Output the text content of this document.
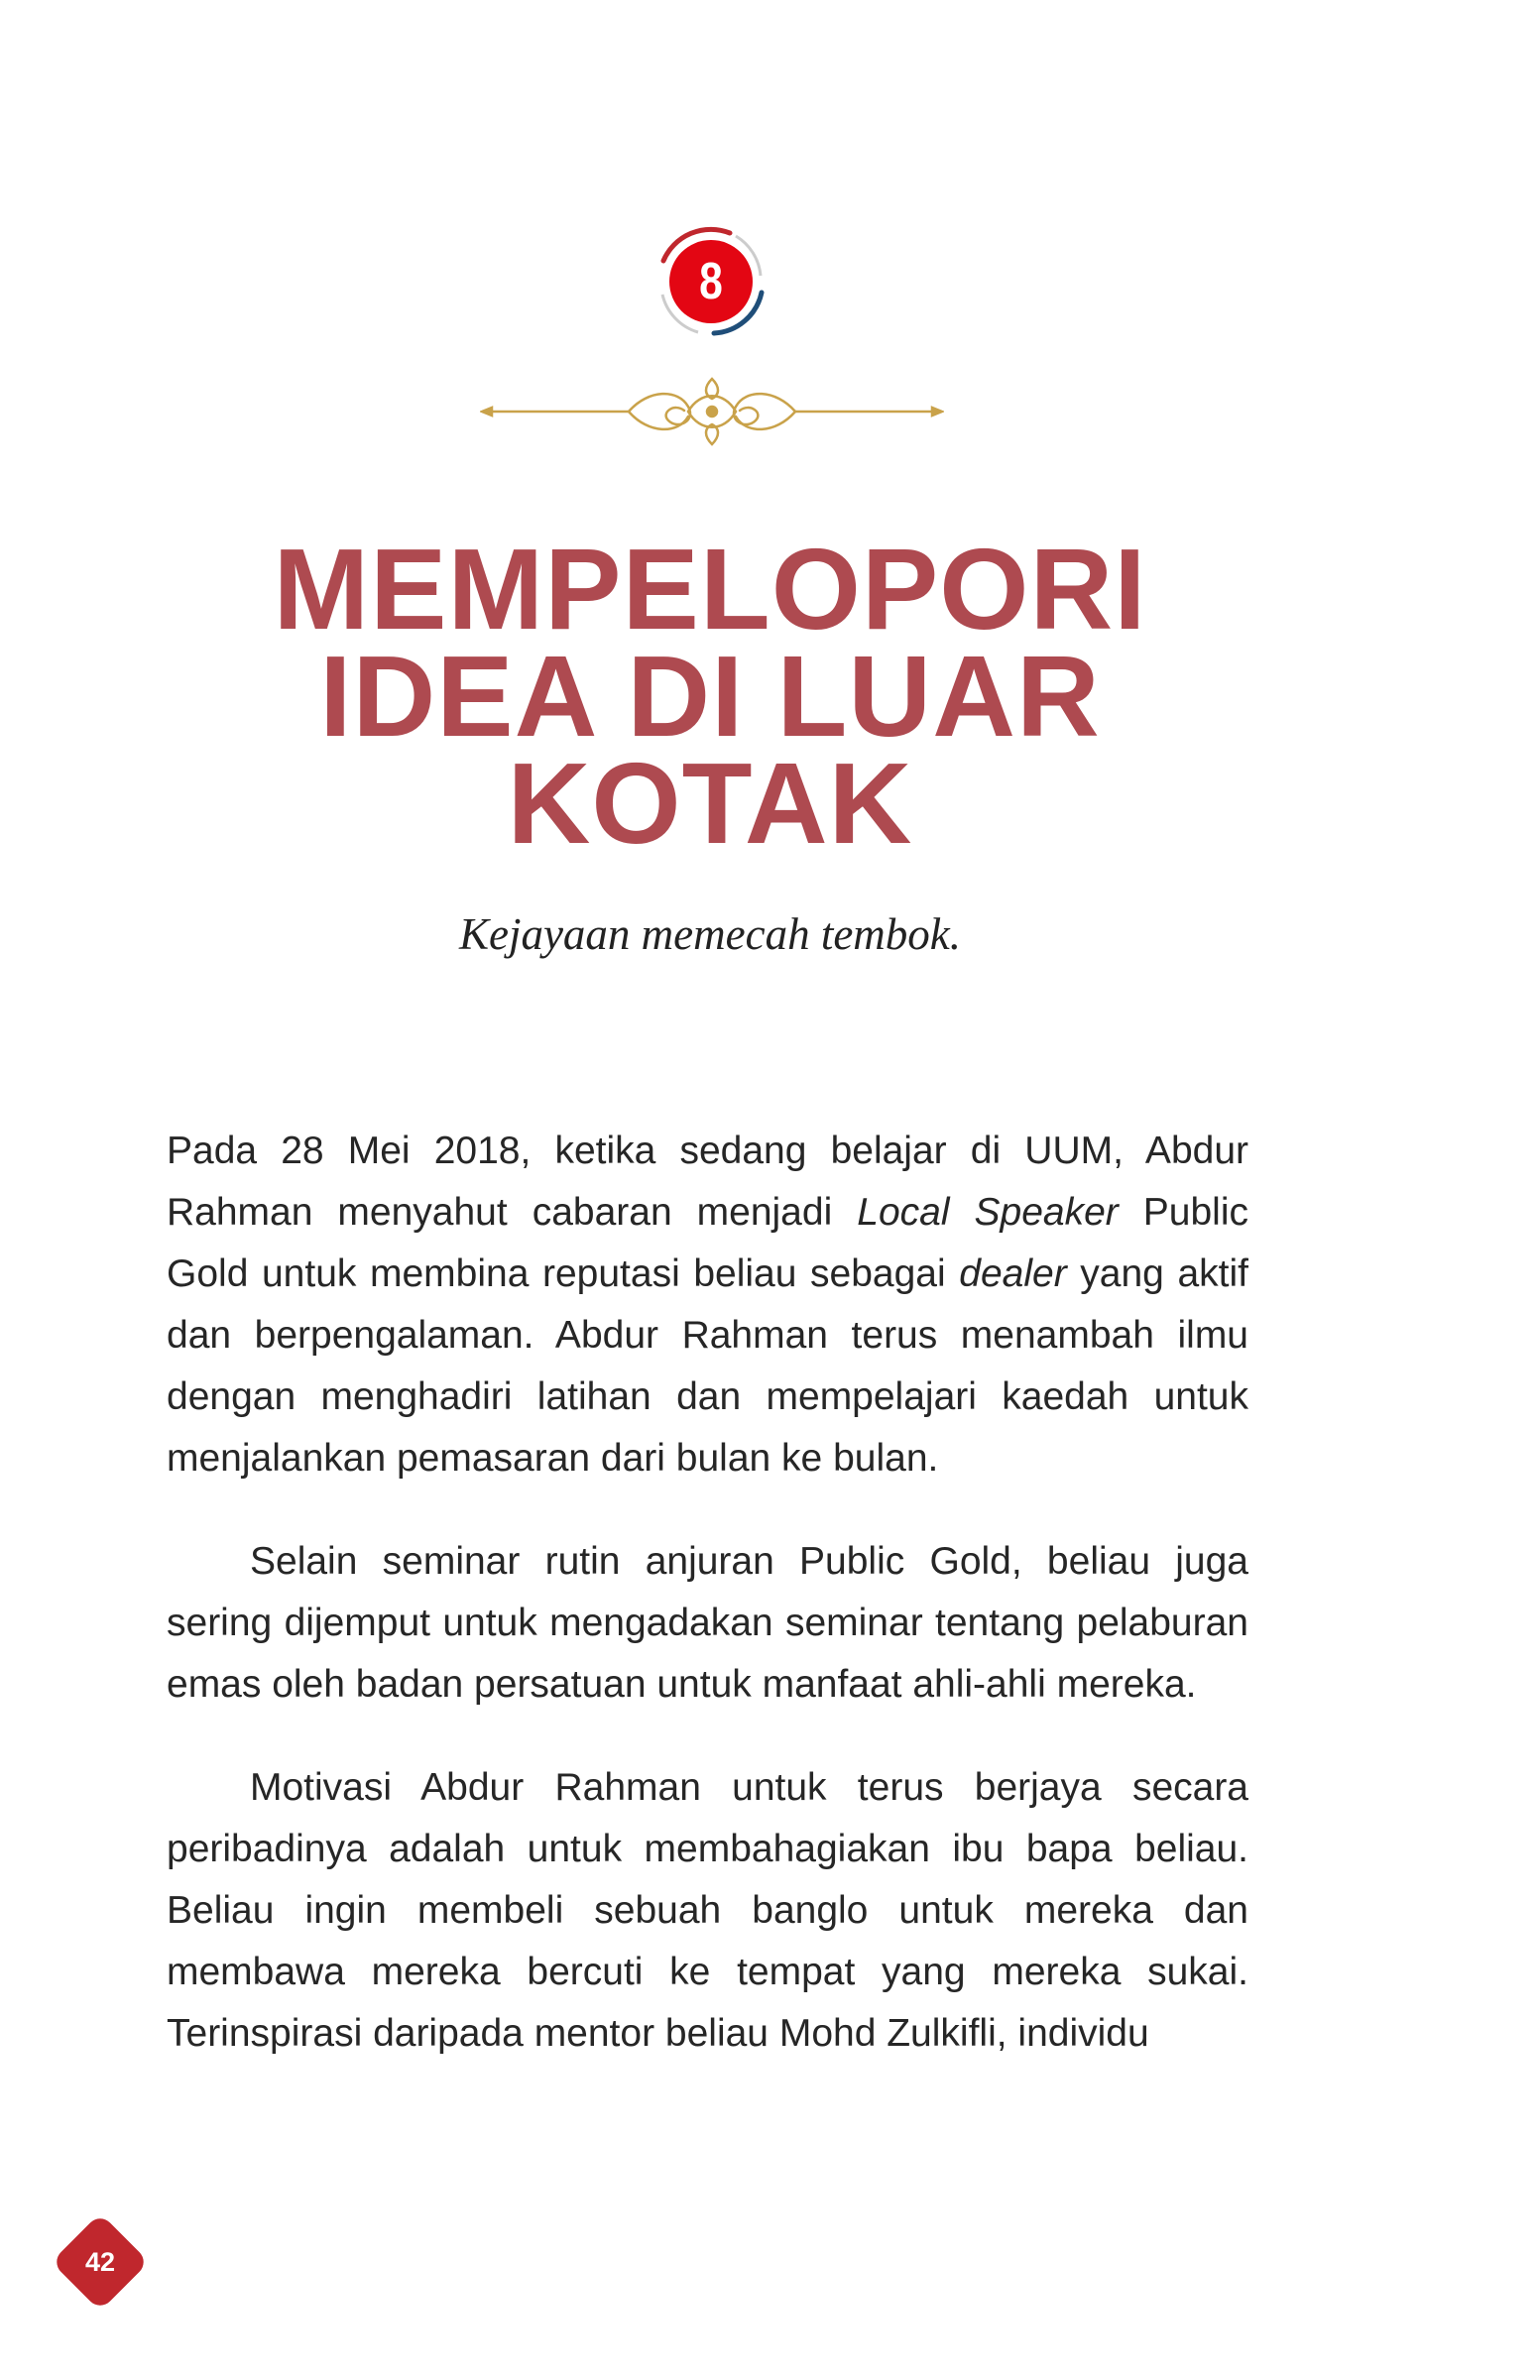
8
MEMPELOPORI
IDEA DI LUAR
KOTAK
Kejayaan memecah tembok.

Pada 28 Mei 2018, ketika sedang belajar di UUM, Abdur Rahman menyahut cabaran menjadi Local Speaker Public Gold untuk membina reputasi beliau sebagai dealer yang aktif dan berpengalaman. Abdur Rahman terus menambah ilmu dengan menghadiri latihan dan mempelajari kaedah untuk menjalankan pemasaran dari bulan ke bulan.

Selain seminar rutin anjuran Public Gold, beliau juga sering dijemput untuk mengadakan seminar tentang pelaburan emas oleh badan persatuan untuk manfaat ahli-ahli mereka.

Motivasi Abdur Rahman untuk terus berjaya secara peribadinya adalah untuk membahagiakan ibu bapa beliau. Beliau ingin membeli sebuah banglo untuk mereka dan membawa mereka bercuti ke tempat yang mereka sukai. Terinspirasi daripada mentor beliau Mohd Zulkifli, individu

42
